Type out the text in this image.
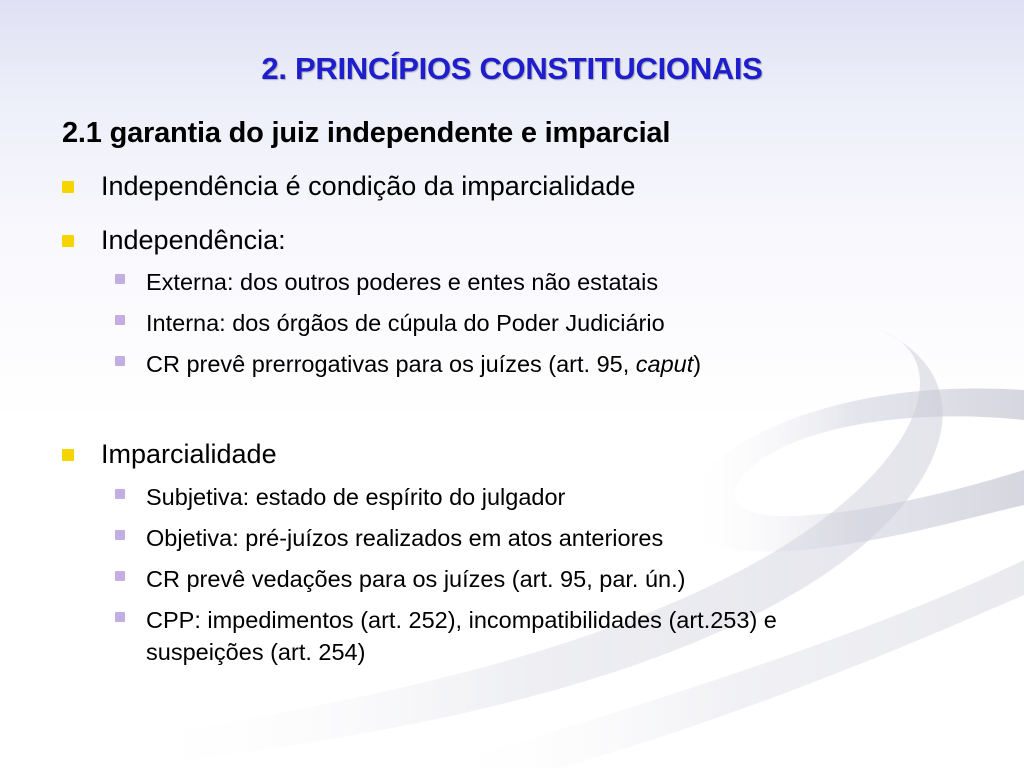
2. PRINCÍPIOS CONSTITUCIONAIS
2.1 garantia do juiz independente e imparcial
Independência é condição da imparcialidade
Independência:
Externa: dos outros poderes e entes não estatais
Interna: dos órgãos de cúpula do Poder Judiciário
CR prevê prerrogativas para os juízes (art. 95, caput)
Imparcialidade
Subjetiva: estado de espírito do julgador
Objetiva: pré-juízos realizados em atos anteriores
CR prevê vedações para os juízes (art. 95, par. ún.)
CPP: impedimentos (art. 252), incompatibilidades (art.253) e
suspeições (art. 254)
